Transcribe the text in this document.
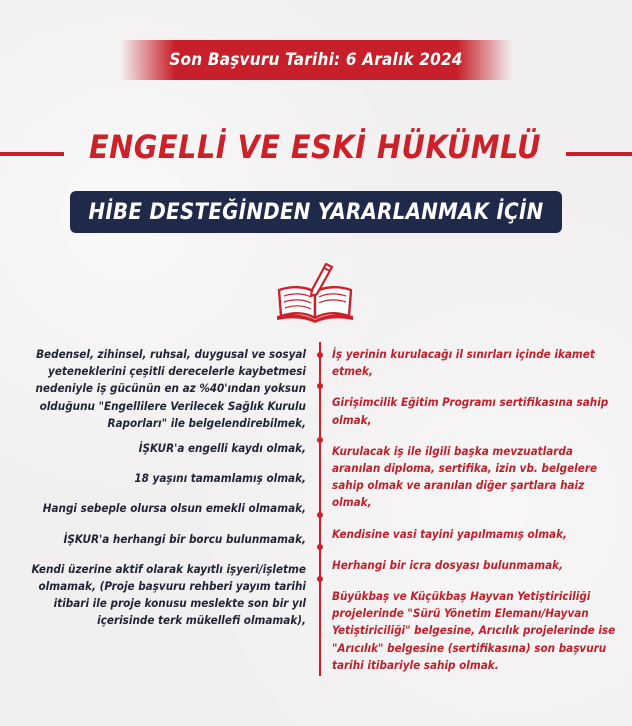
Son Başvuru Tarihi: 6 Aralık 2024
ENGELLİ VE ESKİ HÜKÜMLÜ
HİBE DESTEĞİNDEN YARARLANMAK İÇİN
Bedensel, zihinsel, ruhsal, duygusal ve sosyal yeteneklerini çeşitli derecelerle kaybetmesi nedeniyle iş gücünün en az %40'ından yoksun olduğunu "Engellilere Verilecek Sağlık Kurulu Raporları" ile belgelendirebilmek,
İŞKUR'a engelli kaydı olmak,
18 yaşını tamamlamış olmak,
Hangi sebeple olursa olsun emekli olmamak,
İŞKUR'a herhangi bir borcu bulunmamak,
Kendi üzerine aktif olarak kayıtlı işyeri/işletme olmamak, (Proje başvuru rehberi yayım tarihi itibari ile proje konusu meslekte son bir yıl içerisinde terk mükellefi olmamak),
İş yerinin kurulacağı il sınırları içinde ikamet etmek,
Girişimcilik Eğitim Programı sertifikasına sahip olmak,
Kurulacak iş ile ilgili başka mevzuatlarda aranılan diploma, sertifika, izin vb. belgelere sahip olmak ve aranılan diğer şartlara haiz olmak,
Kendisine vasi tayini yapılmamış olmak,
Herhangi bir icra dosyası bulunmamak,
Büyükbaş ve Küçükbaş Hayvan Yetiştiriciliği projelerinde "Sürü Yönetim Elemanı/Hayvan Yetiştiriciliği" belgesine, Arıcılık projelerinde ise "Arıcılık" belgesine (sertifikasına) son başvuru tarihi itibariyle sahip olmak.
